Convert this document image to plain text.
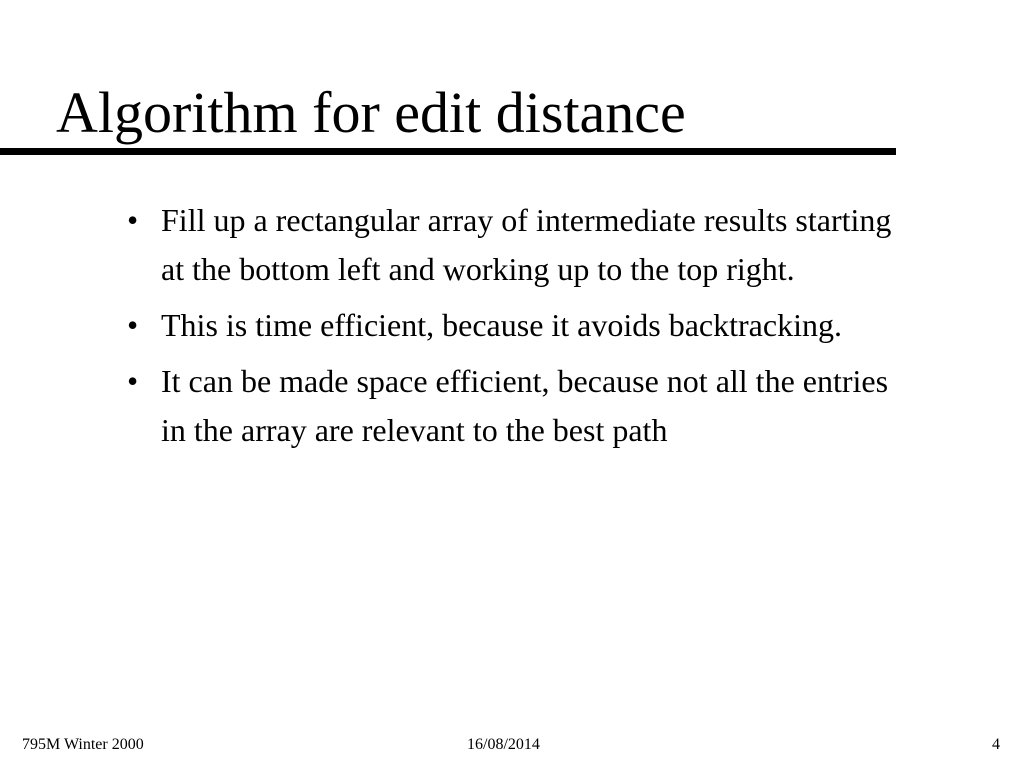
Algorithm for edit distance
• Fill up a rectangular array of intermediate results starting at the bottom left and working up to the top right.
• This is time efficient, because it avoids backtracking.
• It can be made space efficient, because not all the entries in the array are relevant to the best path
795M Winter 2000	16/08/2014	4
